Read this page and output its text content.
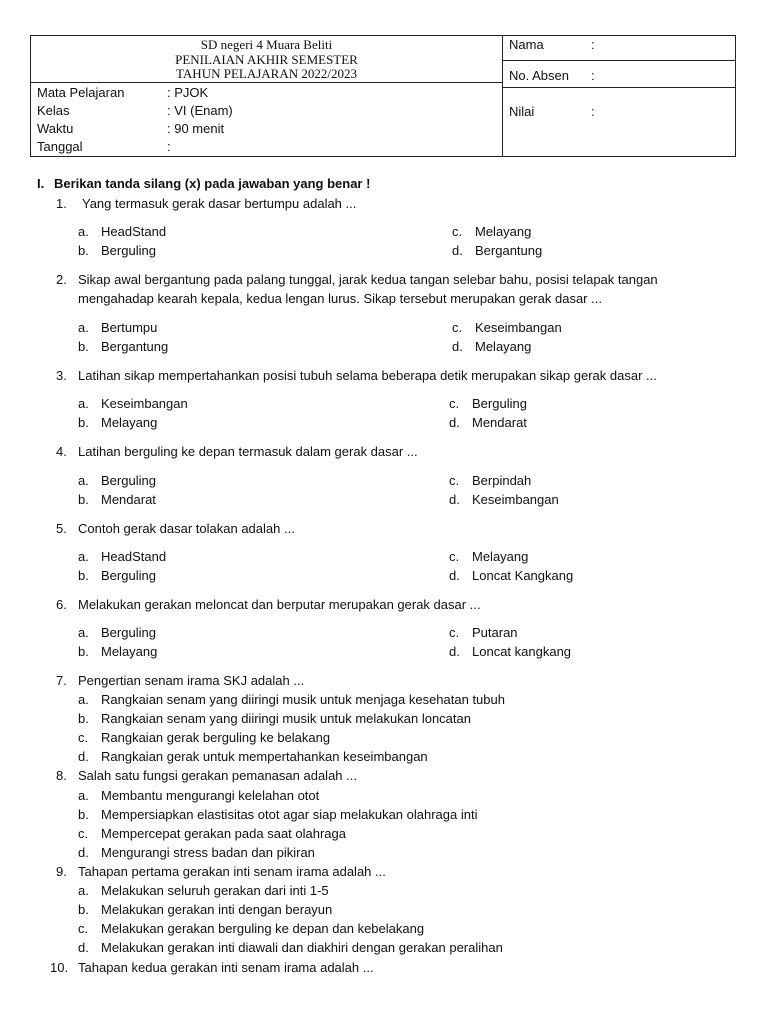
SD negeri 4 Muara Beliti
PENILAIAN AKHIR SEMESTER
TAHUN PELAJARAN 2022/2023
Mata Pelajaran	: PJOK
Kelas	: VI (Enam)
Waktu	: 90 menit
Tanggal	:
Nama	:
No. Absen :
Nilai	:
I. Berikan tanda silang (x) pada jawaban yang benar !
1.	Yang termasuk gerak dasar bertumpu adalah ...
a. HeadStand
b. Berguling
c. Melayang
d. Bergantung
2. Sikap awal bergantung pada palang tunggal, jarak kedua tangan selebar bahu, posisi telapak tangan
mengahadap kearah kepala, kedua lengan lurus. Sikap tersebut merupakan gerak dasar ...
a. Bertumpu
b. Bergantung
c. Keseimbangan
d. Melayang
3. Latihan sikap mempertahankan posisi tubuh selama beberapa detik merupakan sikap gerak dasar ...
a. Keseimbangan
b. Melayang
c. Berguling
d. Mendarat
4. Latihan berguling ke depan termasuk dalam gerak dasar ...
a. Berguling
b. Mendarat
c. Berpindah
d. Keseimbangan
5. Contoh gerak dasar tolakan adalah ...
a. HeadStand
b. Berguling
c. Melayang
d. Loncat Kangkang
6. Melakukan gerakan meloncat dan berputar merupakan gerak dasar ...
a. Berguling
b. Melayang
c. Putaran
d. Loncat kangkang
7. Pengertian senam irama SKJ adalah ...
a. Rangkaian senam yang diiringi musik untuk menjaga kesehatan tubuh
b. Rangkaian senam yang diiringi musik untuk melakukan loncatan
c. Rangkaian gerak berguling ke belakang
d. Rangkaian gerak untuk mempertahankan keseimbangan
8. Salah satu fungsi gerakan pemanasan adalah ...
a. Membantu mengurangi kelelahan otot
b. Mempersiapkan elastisitas otot agar siap melakukan olahraga inti
c. Mempercepat gerakan pada saat olahraga
d. Mengurangi stress badan dan pikiran
9. Tahapan pertama gerakan inti senam irama adalah ...
a. Melakukan seluruh gerakan dari inti 1-5
b. Melakukan gerakan inti dengan berayun
c. Melakukan gerakan berguling ke depan dan kebelakang
d. Melakukan gerakan inti diawali dan diakhiri dengan gerakan peralihan
10. Tahapan kedua gerakan inti senam irama adalah ...
